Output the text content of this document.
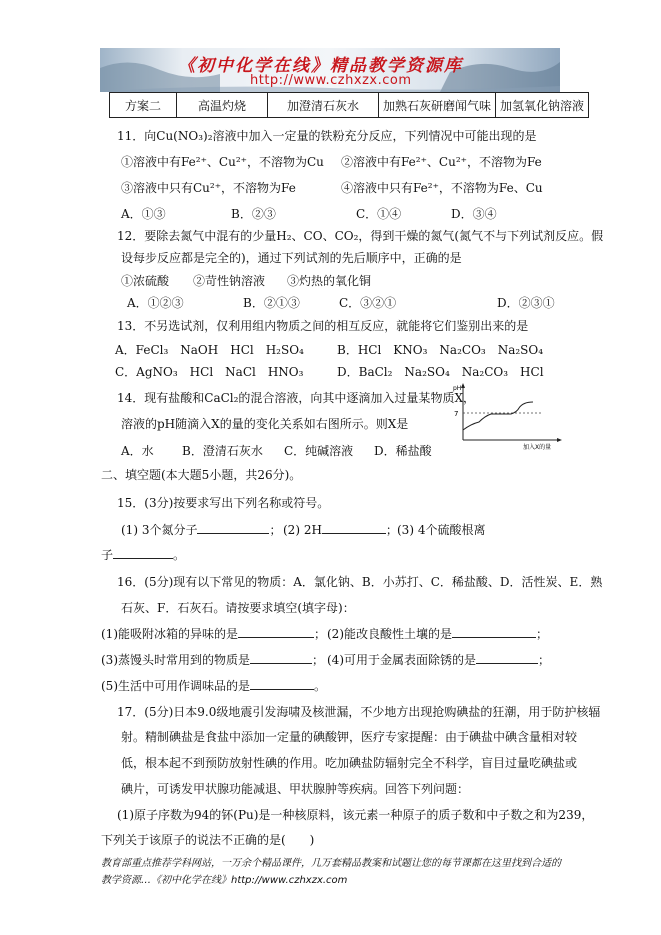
《初中化学在线》精品教学资源库
http://www.czhxzx.com
方案二	高温灼烧	加澄清石灰水	加熟石灰研磨闻气味	加氢氧化钠溶液
11．向Cu(NO₃)₂溶液中加入一定量的铁粉充分反应，下列情况中可能出现的是
①溶液中有Fe²⁺、Cu²⁺，不溶物为Cu ②溶液中有Fe²⁺、Cu²⁺，不溶物为Fe
③溶液中只有Cu²⁺，不溶物为Fe	④溶液中只有Fe²⁺，不溶物为Fe、Cu
A．①③	B．②③	C．①④	D．③④
12．要除去氮气中混有的少量H₂、CO、CO₂，得到干燥的氮气(氮气不与下列试剂反应。假
设每步反应都是完全的)，通过下列试剂的先后顺序中，正确的是
①浓硫酸 ②苛性钠溶液 ③灼热的氧化铜
A．①②③	B．②①③	C．③②①	D．②③①
13．不另选试剂，仅利用组内物质之间的相互反应，就能将它们鉴别出来的是
A．FeCl₃　NaOH　HCl　H₂SO₄	B．HCl　KNO₃　Na₂CO₃　Na₂SO₄
C．AgNO₃　HCl　NaCl　HNO₃	D．BaCl₂　Na₂SO₄　Na₂CO₃　HCl
14．现有盐酸和CaCl₂的混合溶液，向其中逐滴加入过量某物质X，
溶液的pH随滴入X的量的变化关系如右图所示。则X是
A．水 B．澄清石灰水 C．纯碱溶液 D．稀盐酸
pH
7
加入X的量
二、填空题(本大题5小题，共26分)。
15．(3分)按要求写出下列名称或符号。
(1) 3个氮分子	； (2) 2H	； (3) 4个硫酸根离
子	。
16．(5分)现有以下常见的物质：A．氯化钠、B．小苏打、C．稀盐酸、D．活性炭、E．熟
石灰、F．石灰石。请按要求填空(填字母)：
(1)能吸附冰箱的异味的是	； (2)能改良酸性土壤的是	；
(3)蒸馒头时常用到的物质是	； (4)可用于金属表面除锈的是	；
(5)生活中可用作调味品的是	。
17．(5分)日本9.0级地震引发海啸及核泄漏，不少地方出现抢购碘盐的狂潮，用于防护核辐
射。精制碘盐是食盐中添加一定量的碘酸钾，医疗专家提醒：由于碘盐中碘含量相对较
低，根本起不到预防放射性碘的作用。吃加碘盐防辐射完全不科学，盲目过量吃碘盐或
碘片，可诱发甲状腺功能减退、甲状腺肿等疾病。回答下列问题：
(1)原子序数为94的钚(Pu)是一种核原料，该元素一种原子的质子数和中子数之和为239，
下列关于该原子的说法不正确的是(　　)
教育部重点推荐学科网站，一万余个精品课件，几万套精品教案和试题让您的每节课都在这里找到合适的
教学资源…《初中化学在线》http://www.czhxzx.com
